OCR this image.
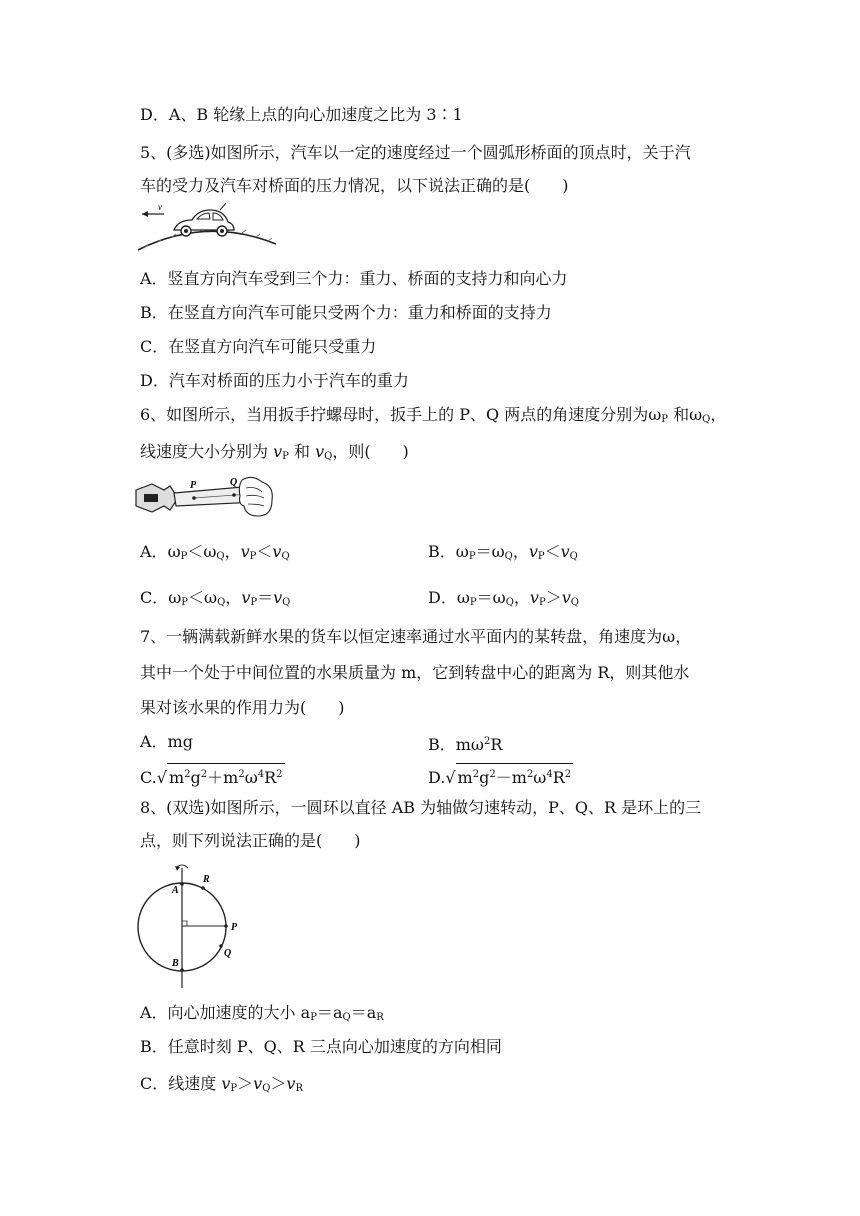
D．A、B 轮缘上点的向心加速度之比为 3∶1
5、(多选)如图所示，汽车以一定的速度经过一个圆弧形桥面的顶点时，关于汽
车的受力及汽车对桥面的压力情况，以下说法正确的是(　　)
v
A．竖直方向汽车受到三个力：重力、桥面的支持力和向心力
B．在竖直方向汽车可能只受两个力：重力和桥面的支持力
C．在竖直方向汽车可能只受重力
D．汽车对桥面的压力小于汽车的重力
6、如图所示，当用扳手拧螺母时，扳手上的 P、Q 两点的角速度分别为$\omega_P$ 和$\omega_Q$，
线速度大小分别为 $v_P$ 和 $v_Q$，则(　　)
P	Q
A．$\omega_P<\omega_Q$，$v_P<v_Q$	B．$\omega_P=\omega_Q$，$v_P<v_Q$
C．$\omega_P<\omega_Q$，$v_P=v_Q$	D．$\omega_P=\omega_Q$，$v_P>v_Q$
7、一辆满载新鲜水果的货车以恒定速率通过水平面内的某转盘，角速度为ω，
其中一个处于中间位置的水果质量为 m，它到转盘中心的距离为 R，则其他水
果对该水果的作用力为(　　)
A．mg	B．$m\omega^2R$
C.√ $m^2g^2+m^2\omega^4R^2$	D.√ $m^2g^2-m^2\omega^4R^2$
8、(双选)如图所示，一圆环以直径 AB 为轴做匀速转动，P、Q、R 是环上的三
点，则下列说法正确的是(　　)
A
B
P
Q
R
A．向心加速度的大小 $a_P=a_Q=a_R$
B．任意时刻 P、Q、R 三点向心加速度的方向相同
C．线速度 $v_P>v_Q>v_R$
